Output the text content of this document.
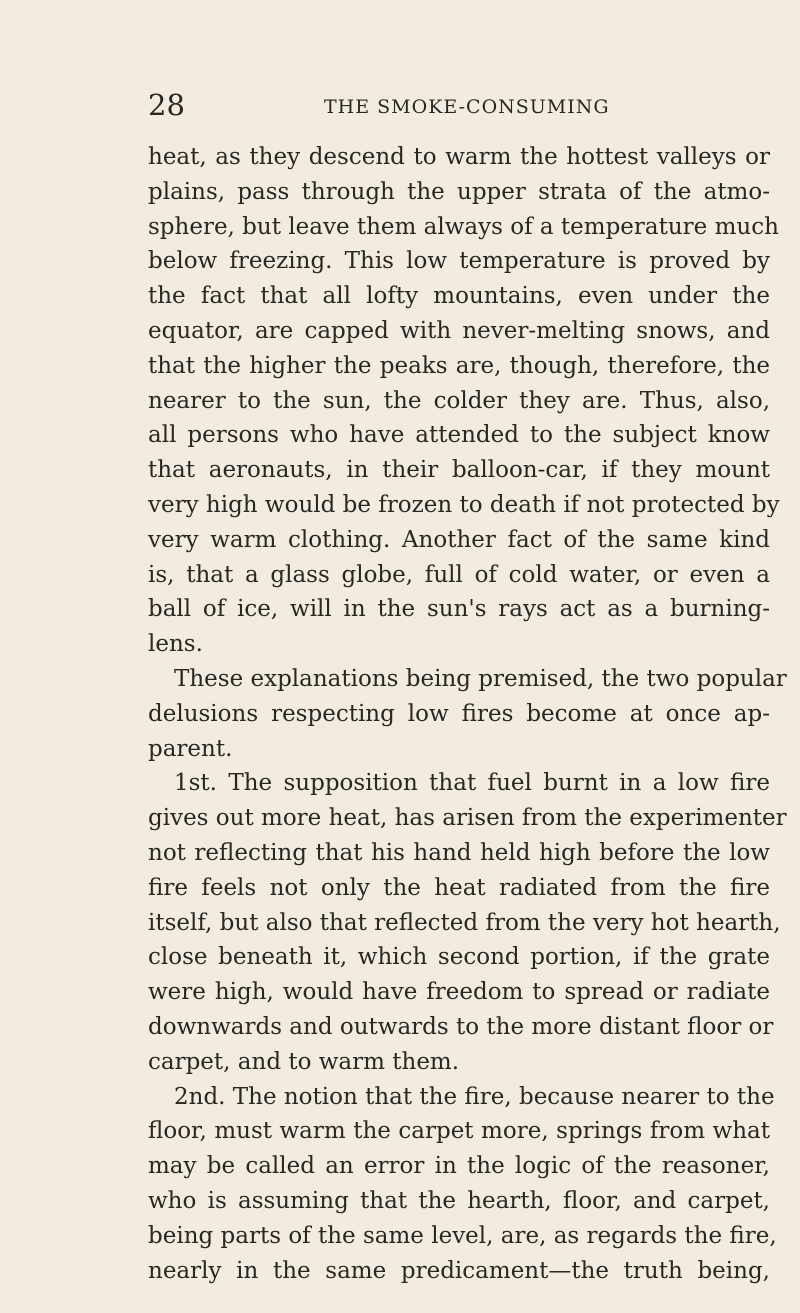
28	THE SMOKE-CONSUMING
heat, as they descend to warm the hottest valleys or
plains, pass through the upper strata of the atmo-
sphere, but leave them always of a temperature much
below freezing. This low temperature is proved by
the fact that all lofty mountains, even under the
equator, are capped with never-melting snows, and
that the higher the peaks are, though, therefore, the
nearer to the sun, the colder they are. Thus, also,
all persons who have attended to the subject know
that aeronauts, in their balloon-car, if they mount
very high would be frozen to death if not protected by
very warm clothing. Another fact of the same kind
is, that a glass globe, full of cold water, or even a
ball of ice, will in the sun's rays act as a burning-
lens.
These explanations being premised, the two popular
delusions respecting low fires become at once ap-
parent.
1st. The supposition that fuel burnt in a low fire
gives out more heat, has arisen from the experimenter
not reflecting that his hand held high before the low
fire feels not only the heat radiated from the fire
itself, but also that reflected from the very hot hearth,
close beneath it, which second portion, if the grate
were high, would have freedom to spread or radiate
downwards and outwards to the more distant floor or
carpet, and to warm them.
2nd. The notion that the fire, because nearer to the
floor, must warm the carpet more, springs from what
may be called an error in the logic of the reasoner,
who is assuming that the hearth, floor, and carpet,
being parts of the same level, are, as regards the fire,
nearly in the same predicament—the truth being,
